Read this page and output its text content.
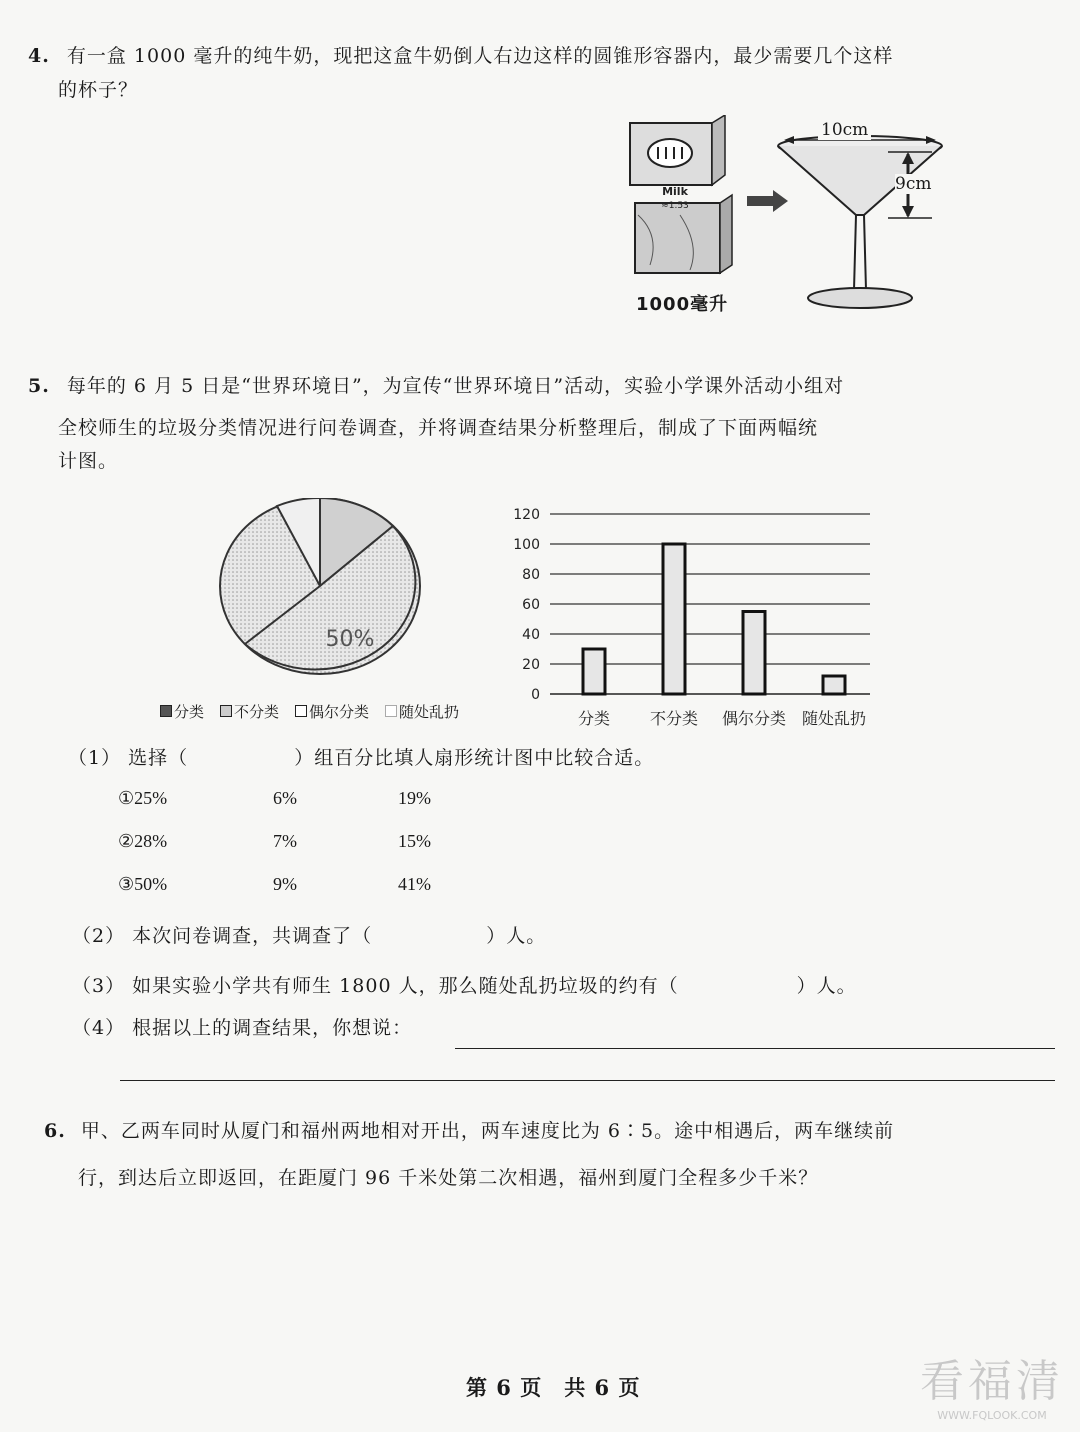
4. 有一盒 1000 毫升的纯牛奶，现把这盒牛奶倒人右边这样的圆锥形容器内，最少需要几个这样
的杯子？
Milk
≈1.53
1000毫升
10cm
9cm
5. 每年的 6 月 5 日是“世界环境日”，为宣传“世界环境日”活动，实验小学课外活动小组对
全校师生的垃圾分类情况进行问卷调查，并将调查结果分析整理后，制成了下面两幅统
计图。
50%
分类	不分类	偶尔分类	随处乱扔
0
20
40
60
80
100
120
分类 不分类 偶尔分类 随处乱扔
（1） 选择（	）组百分比填人扇形统计图中比较合适。
①25%	6%	19%
②28%	7%	15%
③50%	9%	41%
（2） 本次问卷调查，共调查了（	）人。
（3） 如果实验小学共有师生 1800 人，那么随处乱扔垃圾的约有（	）人。
（4） 根据以上的调查结果，你想说：
6. 甲、乙两车同时从厦门和福州两地相对开出，两车速度比为 6∶5。途中相遇后，两车继续前
行，到达后立即返回，在距厦门 96 千米处第二次相遇，福州到厦门全程多少千米？
第 6 页　共 6 页	看福清
WWW.FQLOOK.COM
